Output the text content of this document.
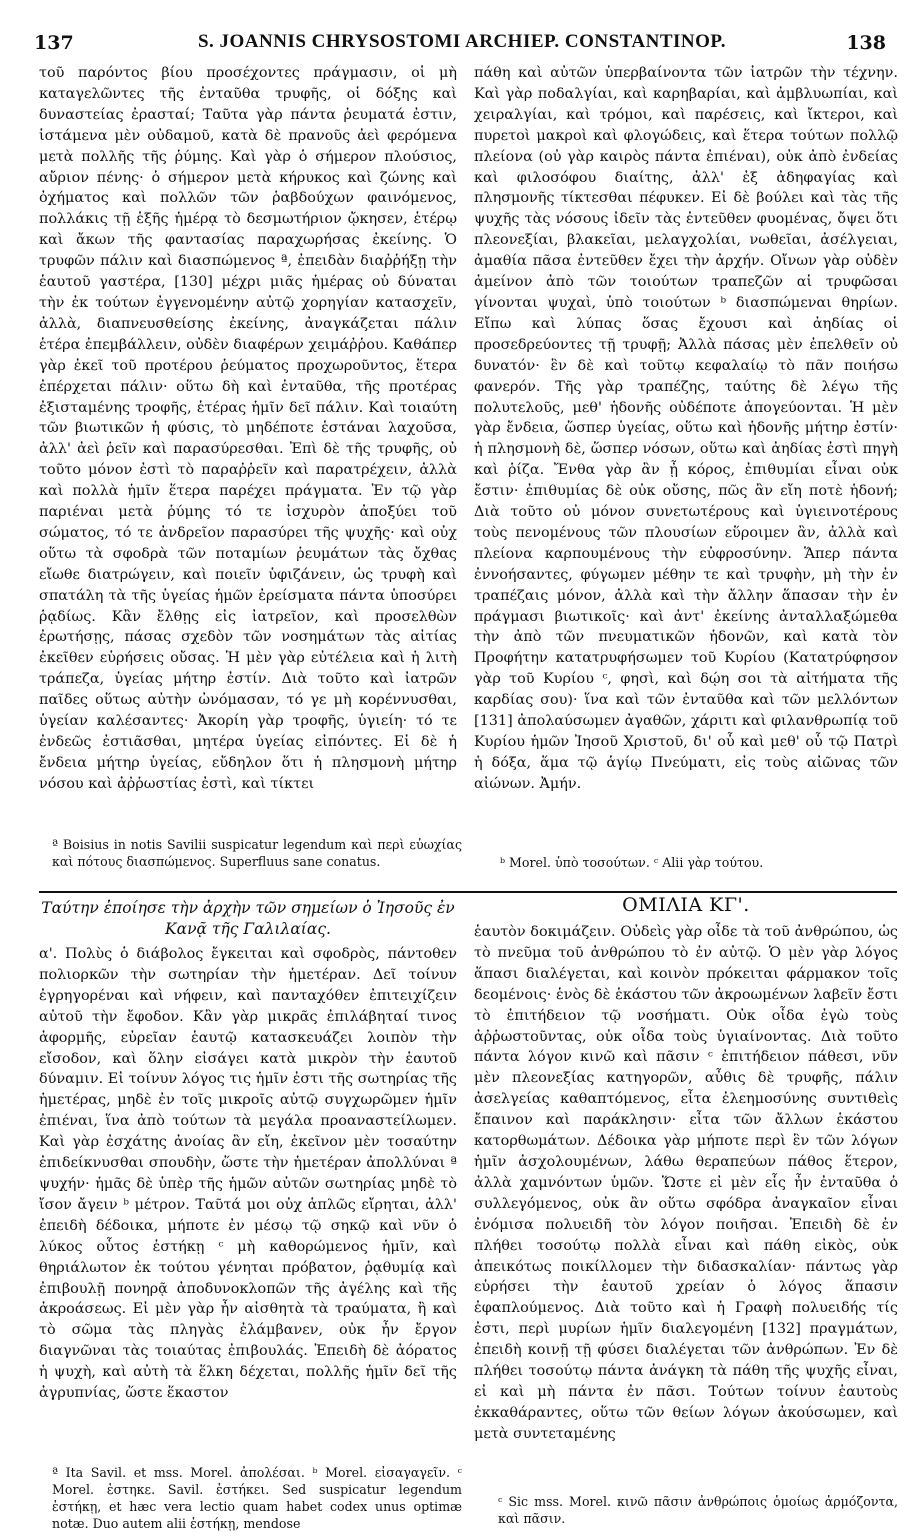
137	S. JOANNIS CHRYSOSTOMI ARCHIEP. CONSTANTINOP.	138

τοῦ παρόντος βίου προσέχοντες πράγμασιν, οἱ μὴ καταγελῶντες τῆς ἐνταῦθα τρυφῆς, οἱ δόξης καὶ δυναστείας ἐρασταί; Ταῦτα γὰρ πάντα ῥευματά ἐστιν, ἱστάμενα μὲν οὐδαμοῦ, κατὰ δὲ πρανοῦς ἀεὶ φερόμενα μετὰ πολλῆς τῆς ῥύμης. Καὶ γὰρ ὁ σήμερον πλούσιος, αὔριον πένης· ὁ σήμερον μετὰ κήρυκος καὶ ζώνης καὶ ὀχήματος καὶ πολλῶν τῶν ῥαβδούχων φαινόμενος, πολλάκις τῇ ἑξῆς ἡμέρᾳ τὸ δεσμωτήριον ᾤκησεν, ἑτέρῳ καὶ ἄκων τῆς φαντασίας παραχωρήσας ἐκείνης. Ὁ τρυφῶν πάλιν καὶ διασπώμενος ª, ἐπειδὰν διαῤῥήξῃ τὴν ἑαυτοῦ γαστέρα, [130] μέχρι μιᾶς ἡμέρας οὐ δύναται τὴν ἐκ τούτων ἐγγενομένην αὐτῷ χορηγίαν κατασχεῖν, ἀλλὰ, διαπνευσθείσης ἐκείνης, ἀναγκάζεται πάλιν ἑτέρα ἐπεμβάλλειν, οὐδὲν διαφέρων χειμάῤῥου. Καθάπερ γὰρ ἐκεῖ τοῦ προτέρου ῥεύματος προχωροῦντος, ἕτερα ἐπέρχεται πάλιν· οὕτω δὴ καὶ ἐνταῦθα, τῆς προτέρας ἐξισταμένης τροφῆς, ἑτέρας ἡμῖν δεῖ πάλιν. Καὶ τοιαύτη τῶν βιωτικῶν ἡ φύσις, τὸ μηδέποτε ἑστάναι λαχοῦσα, ἀλλ' ἀεὶ ῥεῖν καὶ παρασύρεσθαι. Ἐπὶ δὲ τῆς τρυφῆς, οὐ τοῦτο μόνον ἐστὶ τὸ παραῤῥεῖν καὶ παρατρέχειν, ἀλλὰ καὶ πολλὰ ἡμῖν ἕτερα παρέχει πράγματα. Ἐν τῷ γὰρ παριέναι μετὰ ῥύμης τό τε ἰσχυρὸν ἀποξύει τοῦ σώματος, τό τε ἀνδρεῖον παρασύρει τῆς ψυχῆς· καὶ οὐχ οὕτω τὰ σφοδρὰ τῶν ποταμίων ῥευμάτων τὰς ὄχθας εἴωθε διατρώγειν, καὶ ποιεῖν ὑφιζάνειν, ὡς τρυφὴ καὶ σπατάλη τὰ τῆς ὑγείας ἡμῶν ἐρείσματα πάντα ὑποσύρει ῥᾳδίως. Κἂν ἔλθῃς εἰς ἰατρεῖον, καὶ προσελθὼν ἐρωτήσῃς, πάσας σχεδὸν τῶν νοσημάτων τὰς αἰτίας ἐκεῖθεν εὑρήσεις οὔσας. Ἡ μὲν γὰρ εὐτέλεια καὶ ἡ λιτὴ τράπεζα, ὑγείας μήτηρ ἐστίν. Διὰ τοῦτο καὶ ἰατρῶν παῖδες οὕτως αὐτὴν ὠνόμασαν, τό γε μὴ κορέννυσθαι, ὑγείαν καλέσαντες· Ἀκορίη γὰρ τροφῆς, ὑγιείη· τό τε ἐνδεῶς ἐστιᾶσθαι, μητέρα ὑγείας εἰπόντες. Εἰ δὲ ἡ ἔνδεια μήτηρ ὑγείας, εὔδηλον ὅτι ἡ πλησμονὴ μήτηρ νόσου καὶ ἀῤῥωστίας ἐστὶ, καὶ τίκτει

ª Boisius in notis Savilii suspicatur legendum καὶ περὶ εὐωχίας καὶ πότους διασπώμενος. Superfluus sane conatus.

πάθη καὶ αὐτῶν ὑπερβαίνοντα τῶν ἰατρῶν τὴν τέχνην. Καὶ γὰρ ποδαλγίαι, καὶ καρηβαρίαι, καὶ ἀμβλυωπίαι, καὶ χειραλγίαι, καὶ τρόμοι, καὶ παρέσεις, καὶ ἴκτεροι, καὶ πυρετοὶ μακροὶ καὶ φλογώδεις, καὶ ἕτερα τούτων πολλῷ πλείονα (οὐ γὰρ καιρὸς πάντα ἐπιέναι), οὐκ ἀπὸ ἐνδείας καὶ φιλοσόφου διαίτης, ἀλλ' ἐξ ἀδηφαγίας καὶ πλησμονῆς τίκτεσθαι πέφυκεν. Εἰ δὲ βούλει καὶ τὰς τῆς ψυχῆς τὰς νόσους ἰδεῖν τὰς ἐντεῦθεν φυομένας, ὄψει ὅτι πλεονεξίαι, βλακεῖαι, μελαγχολίαι, νωθεῖαι, ἀσέλγειαι, ἀμαθία πᾶσα ἐντεῦθεν ἔχει τὴν ἀρχήν. Οἴνων γὰρ οὐδὲν ἀμείνον ἀπὸ τῶν τοιούτων τραπεζῶν αἱ τρυφῶσαι γίνονται ψυχαὶ, ὑπὸ τοιούτων ᵇ διασπώμεναι θηρίων. Εἴπω καὶ λύπας ὅσας ἔχουσι καὶ ἀηδίας οἱ προσεδρεύοντες τῇ τρυφῇ; Ἀλλὰ πάσας μὲν ἐπελθεῖν οὐ δυνατόν· ἓν δὲ καὶ τοῦτῳ κεφαλαίῳ τὸ πᾶν ποιήσω φανερόν. Τῆς γὰρ τραπέζης, ταύτης δὲ λέγω τῆς πολυτελοῦς, μεθ' ἡδονῆς οὐδέποτε ἀπογεύονται. Ἡ μὲν γὰρ ἔνδεια, ὥσπερ ὑγείας, οὕτω καὶ ἡδονῆς μήτηρ ἐστίν· ἡ πλησμονὴ δὲ, ὥσπερ νόσων, οὕτω καὶ ἀηδίας ἐστὶ πηγὴ καὶ ῥίζα. Ἔνθα γὰρ ἂν ᾖ κόρος, ἐπιθυμίαι εἶναι οὐκ ἔστιν· ἐπιθυμίας δὲ οὐκ οὔσης, πῶς ἂν εἴη ποτὲ ἡδονή; Διὰ τοῦτο οὐ μόνον συνετωτέρους καὶ ὑγιεινοτέρους τοὺς πενομένους τῶν πλουσίων εὕροιμεν ἂν, ἀλλὰ καὶ πλείονα καρπουμένους τὴν εὐφροσύνην. Ἅπερ πάντα ἐννοήσαντες, φύγωμεν μέθην τε καὶ τρυφὴν, μὴ τὴν ἐν τραπέζαις μόνον, ἀλλὰ καὶ τὴν ἄλλην ἅπασαν τὴν ἐν πράγμασι βιωτικοῖς· καὶ ἀντ' ἐκείνης ἀνταλλαξώμεθα τὴν ἀπὸ τῶν πνευματικῶν ἡδονῶν, καὶ κατὰ τὸν Προφήτην κατατρυφήσωμεν τοῦ Κυρίου (Κατατρύφησον γὰρ τοῦ Κυρίου ᶜ, φησὶ, καὶ δῴη σοι τὰ αἰτήματα τῆς καρδίας σου)· ἵνα καὶ τῶν ἐνταῦθα καὶ τῶν μελλόντων [131] ἀπολαύσωμεν ἀγαθῶν, χάριτι καὶ φιλανθρωπίᾳ τοῦ Κυρίου ἡμῶν Ἰησοῦ Χριστοῦ, δι' οὗ καὶ μεθ' οὗ τῷ Πατρὶ ἡ δόξα, ἅμα τῷ ἁγίῳ Πνεύματι, εἰς τοὺς αἰῶνας τῶν αἰώνων. Ἀμήν.

ᵇ Morel. ὑπὸ τοσούτων. ᶜ Alii γὰρ τούτου.

ΟΜΙΛΙΑ ΚΓ'.

Ταύτην ἐποίησε τὴν ἀρχὴν τῶν σημείων ὁ Ἰησοῦς ἐν Κανᾷ τῆς Γαλιλαίας.

α'. Πολὺς ὁ διάβολος ἔγκειται καὶ σφοδρὸς, πάντοθεν πολιορκῶν τὴν σωτηρίαν τὴν ἡμετέραν. Δεῖ τοίνυν ἐγρηγορέναι καὶ νήφειν, καὶ πανταχόθεν ἐπιτειχίζειν αὐτοῦ τὴν ἔφοδον. Κἂν γὰρ μικρᾶς ἐπιλάβηταί τινος ἀφορμῆς, εὐρεῖαν ἑαυτῷ κατασκευάζει λοιπὸν τὴν εἴσοδον, καὶ ὅλην εἰσάγει κατὰ μικρὸν τὴν ἑαυτοῦ δύναμιν. Εἰ τοίνυν λόγος τις ἡμῖν ἐστι τῆς σωτηρίας τῆς ἡμετέρας, μηδὲ ἐν τοῖς μικροῖς αὐτῷ συγχωρῶμεν ἡμῖν ἐπιέναι, ἵνα ἀπὸ τούτων τὰ μεγάλα προαναστείλωμεν. Καὶ γὰρ ἐσχάτης ἀνοίας ἂν εἴη, ἐκεῖνον μὲν τοσαύτην ἐπιδείκνυσθαι σπουδὴν, ὥστε τὴν ἡμετέραν ἀπολλύναι ª ψυχήν· ἡμᾶς δὲ ὑπὲρ τῆς ἡμῶν αὐτῶν σωτηρίας μηδὲ τὸ ἴσον ἄγειν ᵇ μέτρον. Ταῦτά μοι οὐχ ἁπλῶς εἴρηται, ἀλλ' ἐπειδὴ δέδοικα, μήποτε ἐν μέσῳ τῷ σηκῷ καὶ νῦν ὁ λύκος οὗτος ἑστήκῃ ᶜ μὴ καθορώμενος ἡμῖν, καὶ θηριάλωτον ἐκ τούτου γένηται πρόβατον, ῥᾳθυμίᾳ καὶ ἐπιβουλῇ πονηρᾷ ἀποδυνοκλοπῶν τῆς ἀγέλης καὶ τῆς ἀκροάσεως. Εἰ μὲν γὰρ ἦν αἰσθητὰ τὰ τραύματα, ἢ καὶ τὸ σῶμα τὰς πληγὰς ἐλάμβανεν, οὐκ ἦν ἔργον διαγνῶναι τὰς τοιαύτας ἐπιβουλάς. Ἐπειδὴ δὲ ἀόρατος ἡ ψυχὴ, καὶ αὐτὴ τὰ ἕλκη δέχεται, πολλῆς ἡμῖν δεῖ τῆς ἀγρυπνίας, ὥστε ἕκαστον

ª Ita Savil. et mss. Morel. ἀπολέσαι. ᵇ Morel. εἰσαγαγεῖν. ᶜ Morel. ἑστηκε. Savil. ἑστήκει. Sed suspicatur legendum ἑστήκῃ, et hæc vera lectio quam habet codex unus optimæ notæ. Duo autem alii ἑστήκῃ, mendose

ἑαυτὸν δοκιμάζειν. Οὐδεὶς γὰρ οἶδε τὰ τοῦ ἀνθρώπου, ὡς τὸ πνεῦμα τοῦ ἀνθρώπου τὸ ἐν αὐτῷ. Ὁ μὲν γὰρ λόγος ἅπασι διαλέγεται, καὶ κοινὸν πρόκειται φάρμακον τοῖς δεομένοις· ἑνὸς δὲ ἑκάστου τῶν ἀκροωμένων λαβεῖν ἔστι τὸ ἐπιτήδειον τῷ νοσήματι. Οὐκ οἶδα ἐγὼ τοὺς ἀῤῥωστοῦντας, οὐκ οἶδα τοὺς ὑγιαίνοντας. Διὰ τοῦτο πάντα λόγον κινῶ καὶ πᾶσιν ᶜ ἐπιτήδειον πάθεσι, νῦν μὲν πλεονεξίας κατηγορῶν, αὖθις δὲ τρυφῆς, πάλιν ἀσελγείας καθαπτόμενος, εἶτα ἐλεημοσύνης συντιθεὶς ἔπαινον καὶ παράκλησιν· εἶτα τῶν ἄλλων ἑκάστου κατορθωμάτων. Δέδοικα γὰρ μήποτε περὶ ἓν τῶν λόγων ἡμῖν ἀσχολουμένων, λάθω θεραπεύων πάθος ἕτερον, ἀλλὰ χαμνόντων ὑμῶν. Ὥστε εἰ μὲν εἷς ἦν ἐνταῦθα ὁ συλλεγόμενος, οὐκ ἂν οὕτω σφόδρα ἀναγκαῖον εἶναι ἐνόμισα πολυειδῆ τὸν λόγον ποιῆσαι. Ἐπειδὴ δὲ ἐν πλήθει τοσούτῳ πολλὰ εἶναι καὶ πάθη εἰκὸς, οὐκ ἀπεικότως ποικίλλομεν τὴν διδασκαλίαν· πάντως γὰρ εὑρήσει τὴν ἑαυτοῦ χρείαν ὁ λόγος ἅπασιν ἐφαπλούμενος. Διὰ τοῦτο καὶ ἡ Γραφὴ πολυειδής τίς ἐστι, περὶ μυρίων ἡμῖν διαλεγομένη [132] πραγμάτων, ἐπειδὴ κοινῇ τῇ φύσει διαλέγεται τῶν ἀνθρώπων. Ἐν δὲ πλήθει τοσούτῳ πάντα ἀνάγκη τὰ πάθη τῆς ψυχῆς εἶναι, εἰ καὶ μὴ πάντα ἐν πᾶσι. Τούτων τοίνυν ἑαυτοὺς ἐκκαθάραντες, οὕτω τῶν θείων λόγων ἀκούσωμεν, καὶ μετὰ συντεταμένης

ᶜ Sic mss. Morel. κινῶ πᾶσιν ἀνθρώποις ὁμοίως ἁρμόζοντα, καὶ πᾶσιν.
